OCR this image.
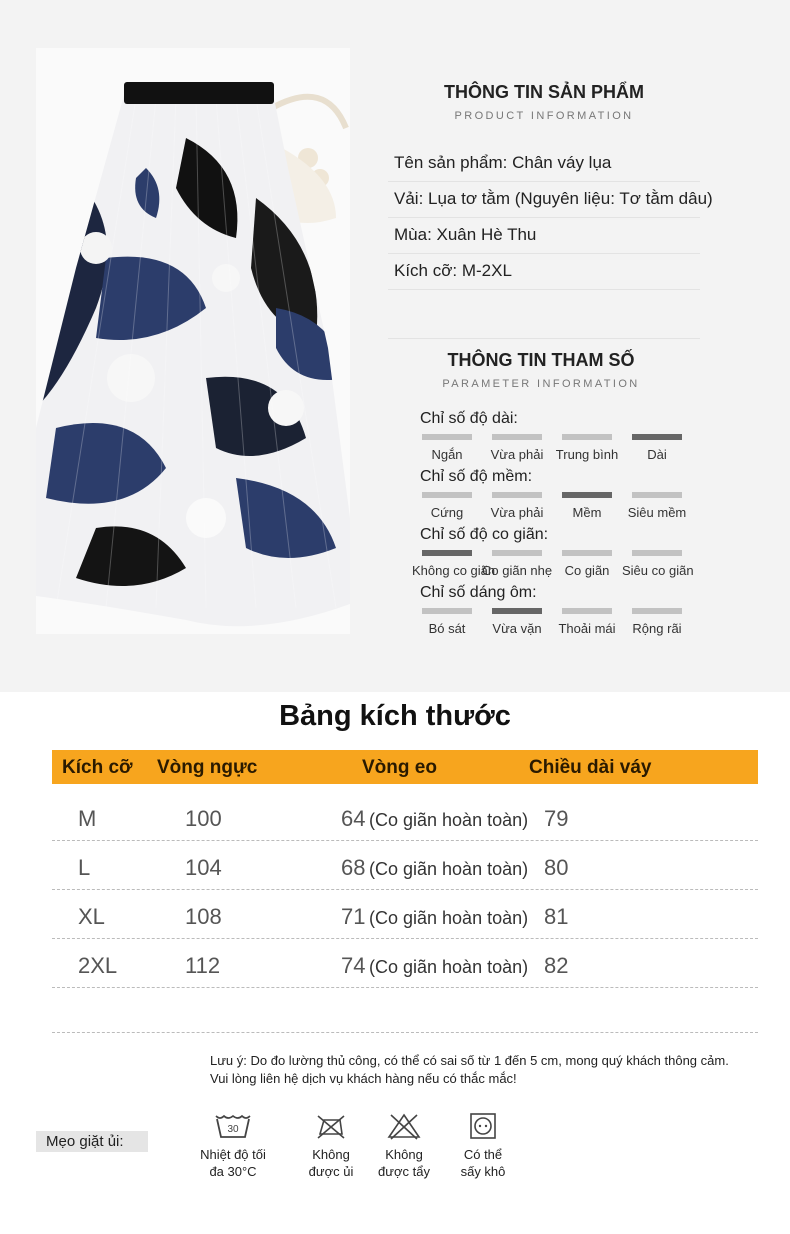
THÔNG TIN SẢN PHẨM
PRODUCT INFORMATION
Tên sản phẩm: Chân váy lụa
Vải: Lụa tơ tằm (Nguyên liệu: Tơ tằm dâu)
Mùa: Xuân Hè Thu
Kích cỡ: M-2XL
THÔNG TIN THAM SỐ
PARAMETER INFORMATION
Chỉ số độ dài:
Ngắn	Vừa phải Trung bình	Dài
Chỉ số độ mềm:
Cứng	Vừa phải	Mềm	Siêu mềm
Chỉ số độ co giãn:
Không co giãn
Co giãn nhẹ Co giãn Siêu co giãn
Chỉ số dáng ôm:
Bó sát	Vừa vặn	Thoải mái	Rộng rãi
Bảng kích thước
Kích cỡ Vòng ngực	Vòng eo	Chiều dài váy
M	100	64 (Co giãn hoàn toàn) 79
L	104	68 (Co giãn hoàn toàn) 80
XL	108	71 (Co giãn hoàn toàn) 81
2XL	112	74 (Co giãn hoàn toàn) 82
Lưu ý: Do đo lường thủ công, có thể có sai số từ 1 đến 5 cm, mong quý khách thông cảm.
Vui lòng liên hệ dịch vụ khách hàng nếu có thắc mắc!
Mẹo giặt ủi:
30
Nhiệt độ tối
đa 30°C
Không
được ủi
Không
được tẩy
Có thể
sấy khô
